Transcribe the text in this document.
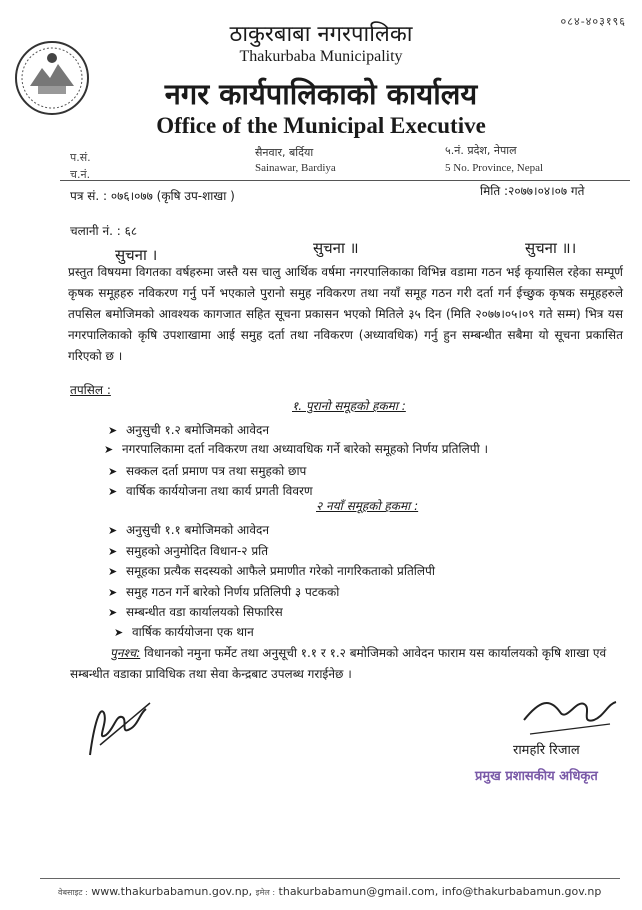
०८४-४०३१९६
ठाकुरबाबा नगरपालिका
Thakurbaba Municipality
नगर कार्यपालिकाको कार्यालय
Office of the Municipal Executive
प.सं.
च.नं.
सैनवार, बर्दिया
Sainawar, Bardiya
५.नं. प्रदेश, नेपाल
5 No. Province, Nepal
पत्र सं. : ०७६।०७७ (कृषि उप-शाखा )	मिति :२०७७।०४।०७ गते
चलानी नं. : ६८
सुचना ।	सुचना ॥	सुचना ॥।
प्रस्तुत विषयमा विगतका वर्षहरुमा जस्तै यस चालु आर्थिक वर्षमा नगरपालिकाका विभिन्न वडामा गठन भई कृयासिल रहेका सम्पूर्ण कृषक समूहहरु नविकरण गर्नु पर्ने भएकाले पुरानो समुह नविकरण तथा नयाँ समूह गठन गरी दर्ता गर्न ईच्छुक कृषक समूहहरुले तपसिल बमोजिमको आवश्यक कागजात सहित सूचना प्रकासन भएको मितिले ३५ दिन (मिति २०७७।०५।०९ गते सम्म) भित्र यस नगरपालिकाको कृषि उपशाखामा आई समुह दर्ता तथा नविकरण (अध्यावधिक) गर्नु हुन सम्बन्धीत सबैमा यो सूचना प्रकासित गरिएको छ ।
तपसिल :
१. पुरानो समूहको हकमा :
➤ अनुसुची १.२ बमोजिमको आवेदन
➤ नगरपालिकामा दर्ता नविकरण तथा अध्यावधिक गर्ने बारेको समूहको निर्णय प्रतिलिपी ।
➤ सक्कल दर्ता प्रमाण पत्र तथा समुहको छाप
➤ वार्षिक कार्ययोजना तथा कार्य प्रगती विवरण
२ नयाँ समूहको हकमा :
➤ अनुसुची १.१ बमोजिमको आवेदन
➤ समुहको अनुमोदित विधान-२ प्रति
➤ समूहका प्रत्यैक सदस्यको आफैले प्रमाणीत गरेको नागरिकताको प्रतिलिपी
➤ समुह गठन गर्ने बारेको निर्णय प्रतिलिपी ३ पटकको
➤ सम्बन्धीत वडा कार्यालयको सिफारिस
➤ वार्षिक कार्ययोजना एक थान
पुनश्च: विधानको नमुना फर्मेट तथा अनुसूची १.१ र १.२ बमोजिमको आवेदन फाराम यस कार्यालयको कृषि शाखा एवं सम्बन्धीत वडाका प्राविधिक तथा सेवा केन्द्रबाट उपलब्ध गराईनेछ ।
रामहरि रिजाल
प्रमुख प्रशासकीय अधिकृत
वेबसाइट : www.thakurbabamun.gov.np, इमेल : thakurbabamun@gmail.com, info@thakurbabamun.gov.np
